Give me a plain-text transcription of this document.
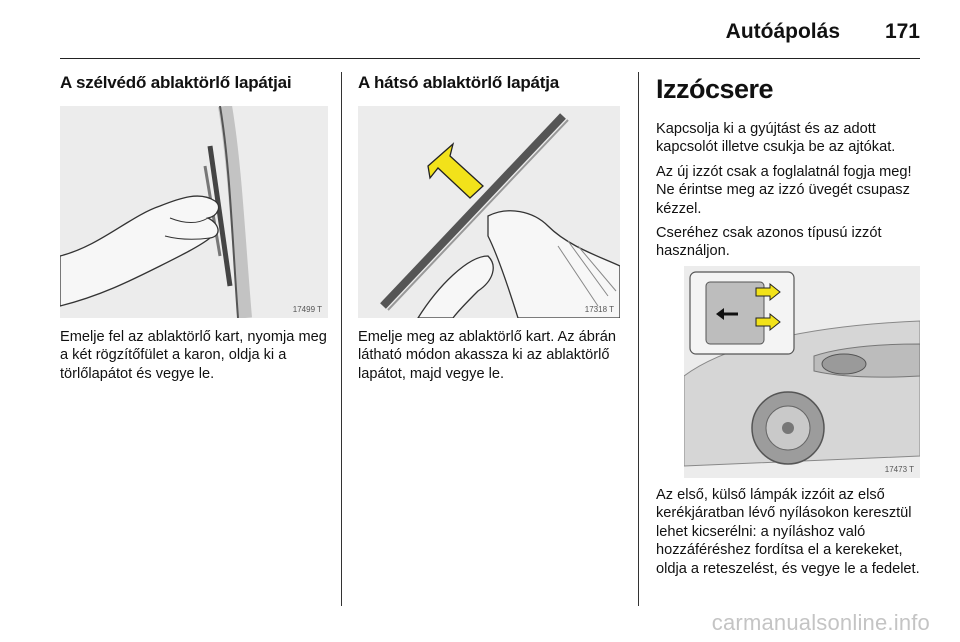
Autóápolás 171
A szélvédő ablaktörlő lapátjai
17499 T

Emelje fel az ablaktörlő kart, nyomja meg a két rögzítőfület a karon, oldja ki a törlőlapátot és vegye le.

A hátsó ablaktörlő lapátja
17318 T

Emelje meg az ablaktörlő kart. Az ábrán látható módon akassza ki az ablaktörlő lapátot, majd vegye le.

Izzócsere

Kapcsolja ki a gyújtást és az adott kapcsolót illetve csukja be az ajtókat.

Az új izzót csak a foglalatnál fogja meg! Ne érintse meg az izzó üvegét csupasz kézzel.

Cseréhez csak azonos típusú izzót használjon.

17473 T

Az első, külső lámpák izzóit az első kerékjáratban lévő nyílásokon keresztül lehet kicserélni: a nyíláshoz való hozzáféréshez fordítsa el a kerekeket, oldja a reteszelést, és vegye le a fedelet.

carmanualsonline.info
